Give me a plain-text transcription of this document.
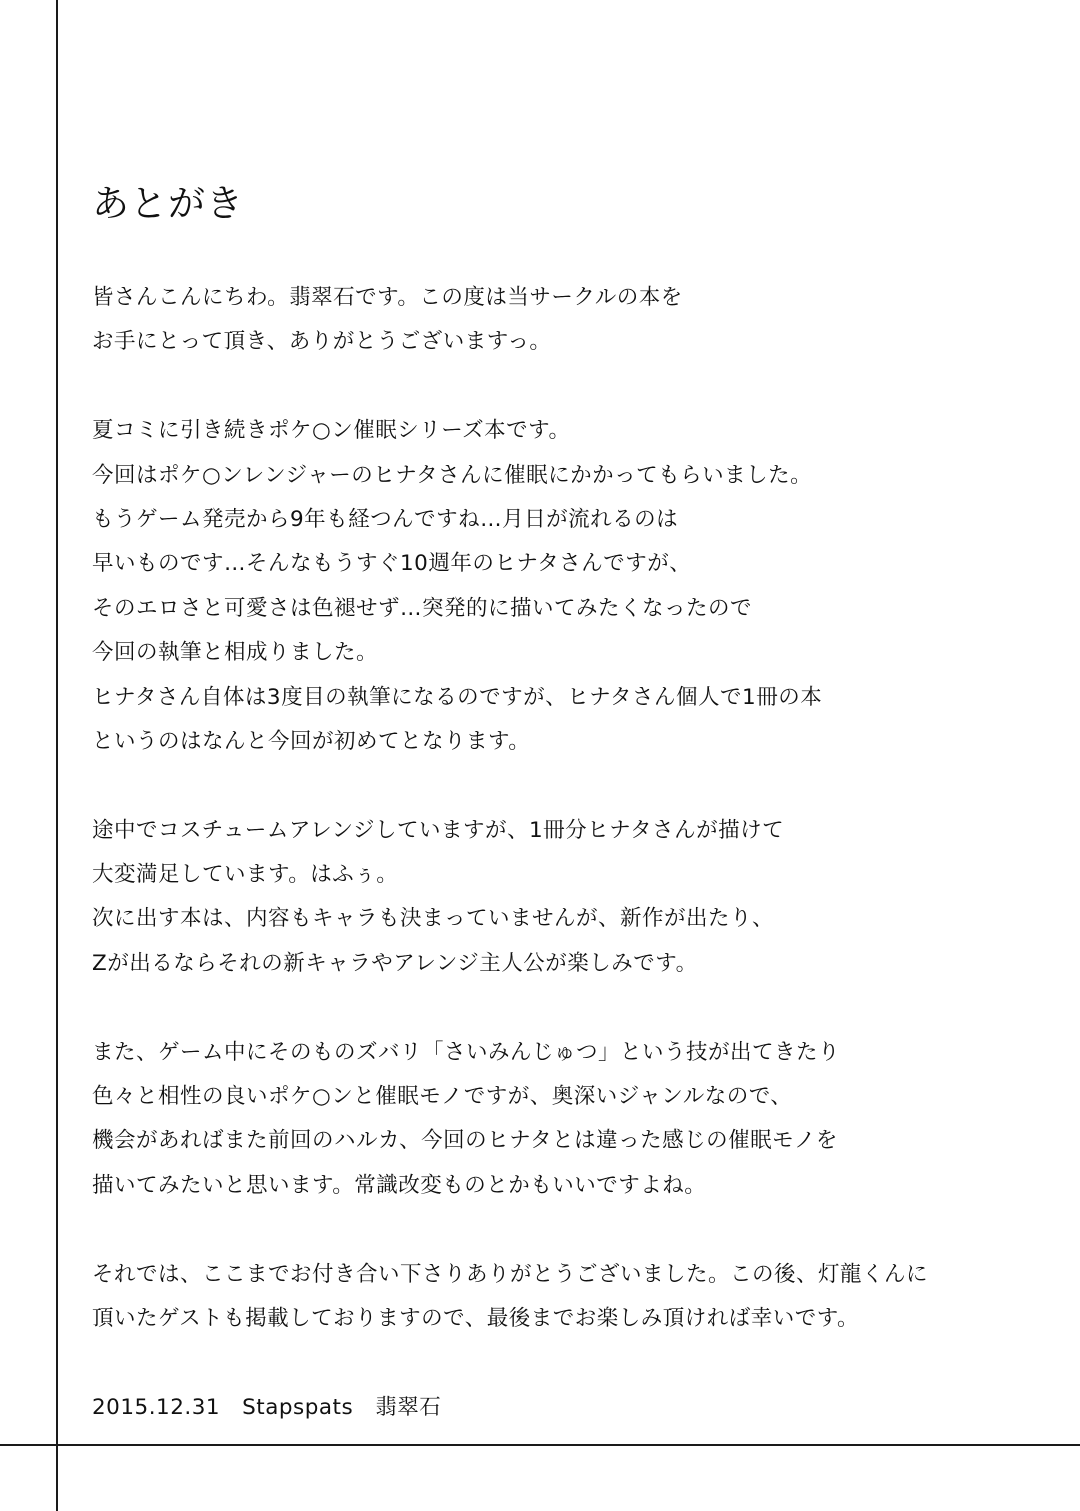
あとがき
皆さんこんにちわ。翡翠石です。この度は当サークルの本を
お手にとって頂き、ありがとうございますっ。
夏コミに引き続きポケ○ン催眠シリーズ本です。
今回はポケ○ンレンジャーのヒナタさんに催眠にかかってもらいました。
もうゲーム発売から9年も経つんですね…月日が流れるのは
早いものです…そんなもうすぐ10週年のヒナタさんですが、
そのエロさと可愛さは色褪せず…突発的に描いてみたくなったので
今回の執筆と相成りました。
ヒナタさん自体は3度目の執筆になるのですが、ヒナタさん個人で1冊の本
というのはなんと今回が初めてとなります。
途中でコスチュームアレンジしていますが、1冊分ヒナタさんが描けて
大変満足しています。はふぅ。
次に出す本は、内容もキャラも決まっていませんが、新作が出たり、
Zが出るならそれの新キャラやアレンジ主人公が楽しみです。
また、ゲーム中にそのものズバリ「さいみんじゅつ」という技が出てきたり
色々と相性の良いポケ○ンと催眠モノですが、奥深いジャンルなので、
機会があればまた前回のハルカ、今回のヒナタとは違った感じの催眠モノを
描いてみたいと思います。常識改変ものとかもいいですよね。
それでは、ここまでお付き合い下さりありがとうございました。この後、灯龍くんに
頂いたゲストも掲載しておりますので、最後までお楽しみ頂ければ幸いです。
2015.12.31　 Stapspats　 翡翠石
